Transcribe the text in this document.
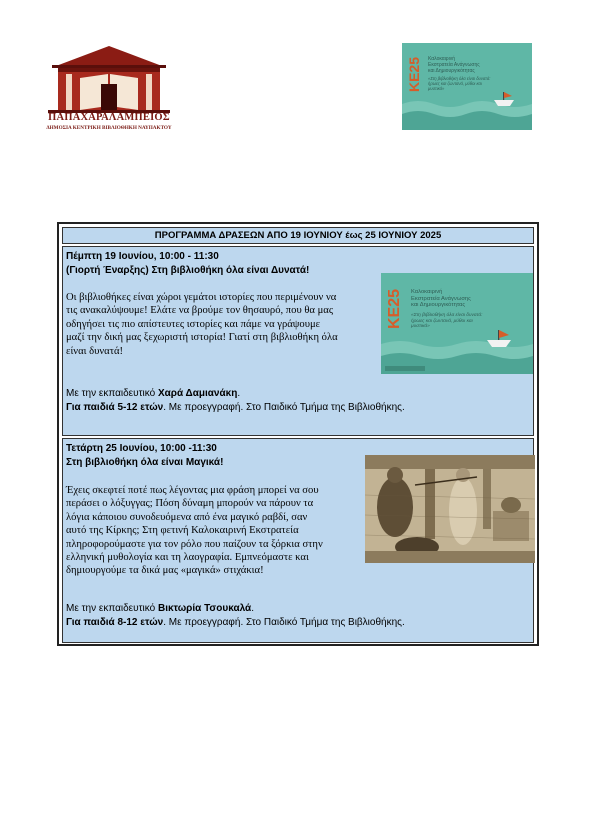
ΠΑΠΑΧΑΡΑΛΑΜΠΕΙΟΣ
ΔΗΜΟΣΙΑ ΚΕΝΤΡΙΚΗ ΒΙΒΛΙΟΘΗΚΗ ΝΑΥΠΑΚΤΟΥ
ΚΕ25 Καλοκαιρινή
Εκστρατεία Ανάγνωσης
και Δημιουργικότητας
«Στη βιβλιοθήκη όλα είναι δυνατά: ήρωες και ζωντανά, μύθοι και μυστικά»
ΠΡΟΓΡΑΜΜΑ ΔΡΑΣΕΩΝ ΑΠΟ 19 ΙΟΥΝΙΟΥ έως 25 ΙΟΥΝΙΟΥ 2025
Πέμπτη 19 Ιουνίου, 10:00 - 11:30
(Γιορτή Έναρξης) Στη βιβλιοθήκη όλα είναι Δυνατά!
Οι βιβλιοθήκες είναι χώροι γεμάτοι ιστορίες που περιμένουν να
τις ανακαλύψουμε! Ελάτε να βρούμε τον θησαυρό, που θα μας
οδηγήσει τις πιο απίστευτες ιστορίες και πάμε να γράψουμε
μαζί την δική μας ξεχωριστή ιστορία! Γιατί στη βιβλιοθήκη όλα
είναι δυνατά!
Με την εκπαιδευτικό Χαρά Δαμιανάκη.
Για παιδιά 5-12 ετών. Με προεγγραφή. Στο Παιδικό Τμήμα της Βιβλιοθήκης.
Τετάρτη 25 Ιουνίου, 10:00 -11:30
Στη βιβλιοθήκη όλα είναι Μαγικά!
Έχεις σκεφτεί ποτέ πως λέγοντας μια φράση μπορεί να σου
περάσει ο λόξυγγας; Πόση δύναμη μπορούν να πάρουν τα
λόγια κάποιου συνοδευόμενα από ένα μαγικό ραβδί, σαν
αυτό της Κίρκης; Στη φετινή Καλοκαιρινή Εκστρατεία
πληροφορούμαστε για τον ρόλο που παίζουν τα ξόρκια στην
ελληνική μυθολογία και τη λαογραφία. Εμπνεόμαστε και
δημιουργούμε τα δικά μας «μαγικά» στιχάκια!
Με την εκπαιδευτικό Βικτωρία Τσουκαλά.
Για παιδιά 8-12 ετών. Με προεγγραφή. Στο Παιδικό Τμήμα της Βιβλιοθήκης.
ΚΕ25 Καλοκαιρινή
Εκστρατεία Ανάγνωσης
και Δημιουργικότητας
«Στη βιβλιοθήκη όλα είναι δυνατά: ήρωες και ζωντανά, μύθοι και μυστικά»
